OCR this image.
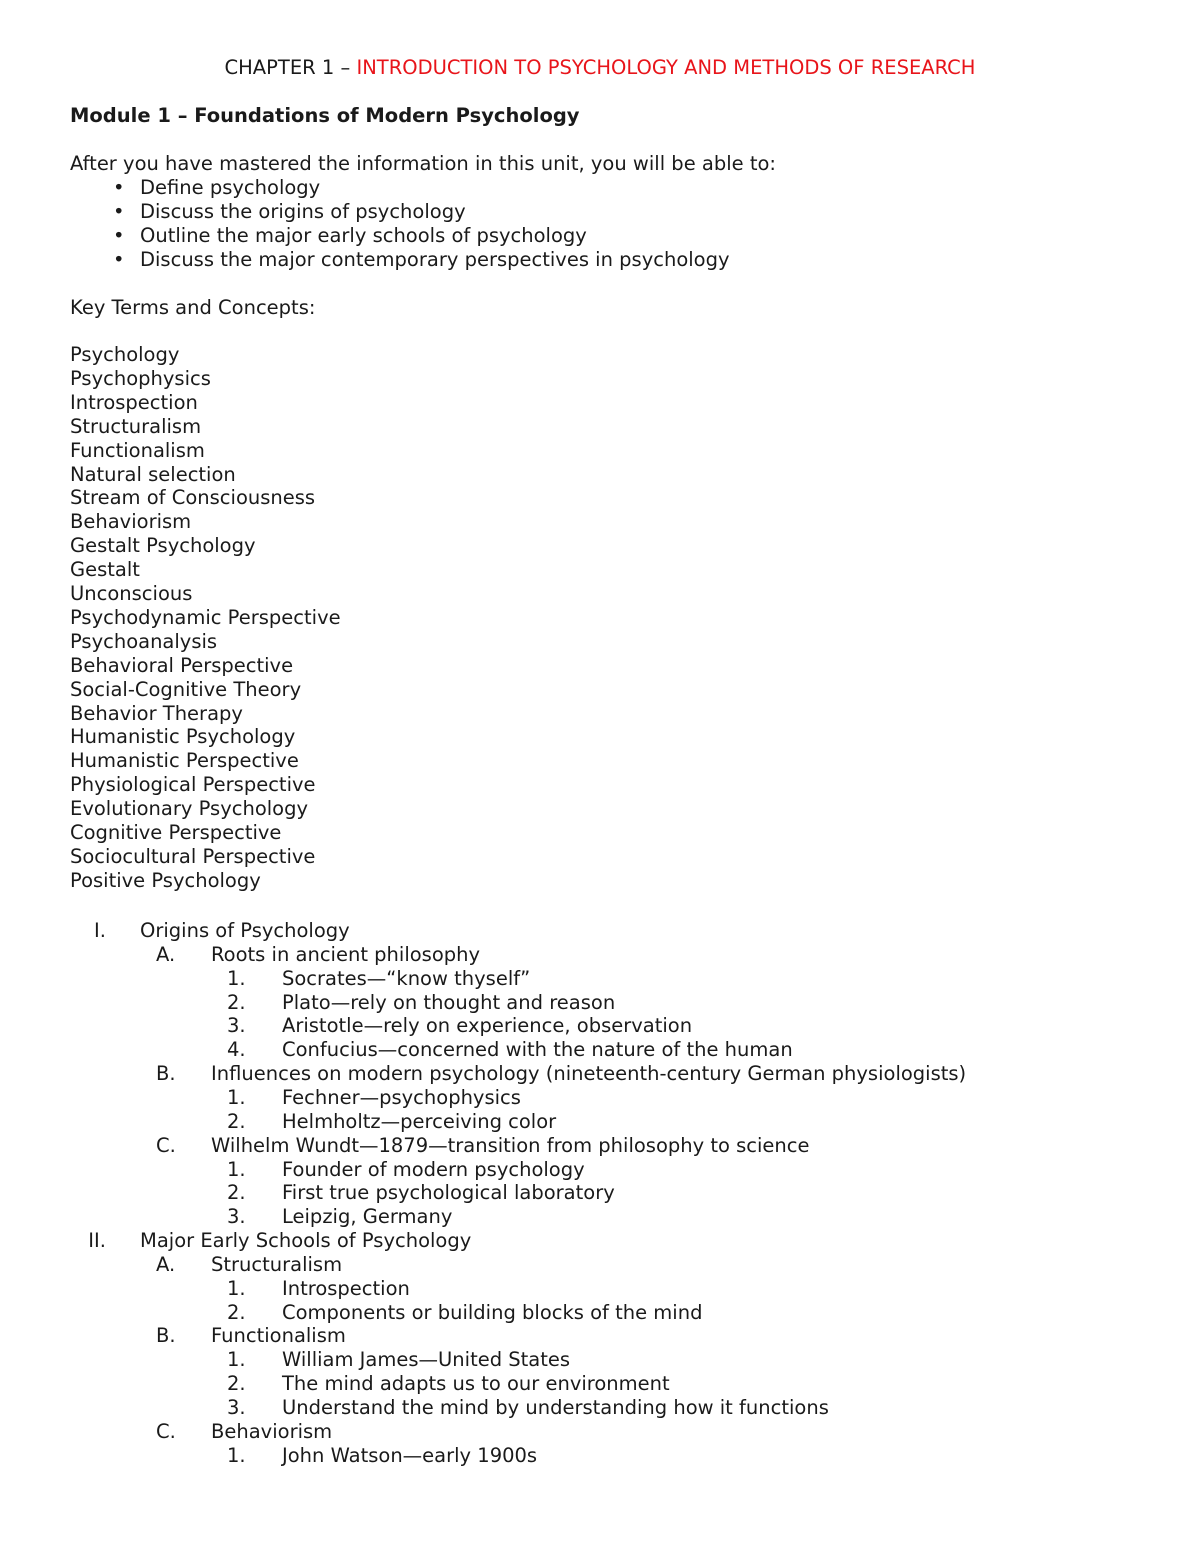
CHAPTER 1 – INTRODUCTION TO PSYCHOLOGY AND METHODS OF RESEARCH
Module 1 – Foundations of Modern Psychology
After you have mastered the information in this unit, you will be able to:
• Define psychology
• Discuss the origins of psychology
• Outline the major early schools of psychology
• Discuss the major contemporary perspectives in psychology
Key Terms and Concepts:
Psychology
Psychophysics
Introspection
Structuralism
Functionalism
Natural selection
Stream of Consciousness
Behaviorism
Gestalt Psychology
Gestalt
Unconscious
Psychodynamic Perspective
Psychoanalysis
Behavioral Perspective
Social-Cognitive Theory
Behavior Therapy
Humanistic Psychology
Humanistic Perspective
Physiological Perspective
Evolutionary Psychology
Cognitive Perspective
Sociocultural Perspective
Positive Psychology
I. Origins of Psychology
A. Roots in ancient philosophy
1. Socrates—“know thyself”
2. Plato—rely on thought and reason
3. Aristotle—rely on experience, observation
4. Confucius—concerned with the nature of the human
B. Influences on modern psychology (nineteenth-century German physiologists)
1. Fechner—psychophysics
2. Helmholtz—perceiving color
C. Wilhelm Wundt—1879—transition from philosophy to science
1. Founder of modern psychology
2. First true psychological laboratory
3. Leipzig, Germany
II. Major Early Schools of Psychology
A. Structuralism
1. Introspection
2. Components or building blocks of the mind
B. Functionalism
1. William James—United States
2. The mind adapts us to our environment
3. Understand the mind by understanding how it functions
C. Behaviorism
1. John Watson—early 1900s
